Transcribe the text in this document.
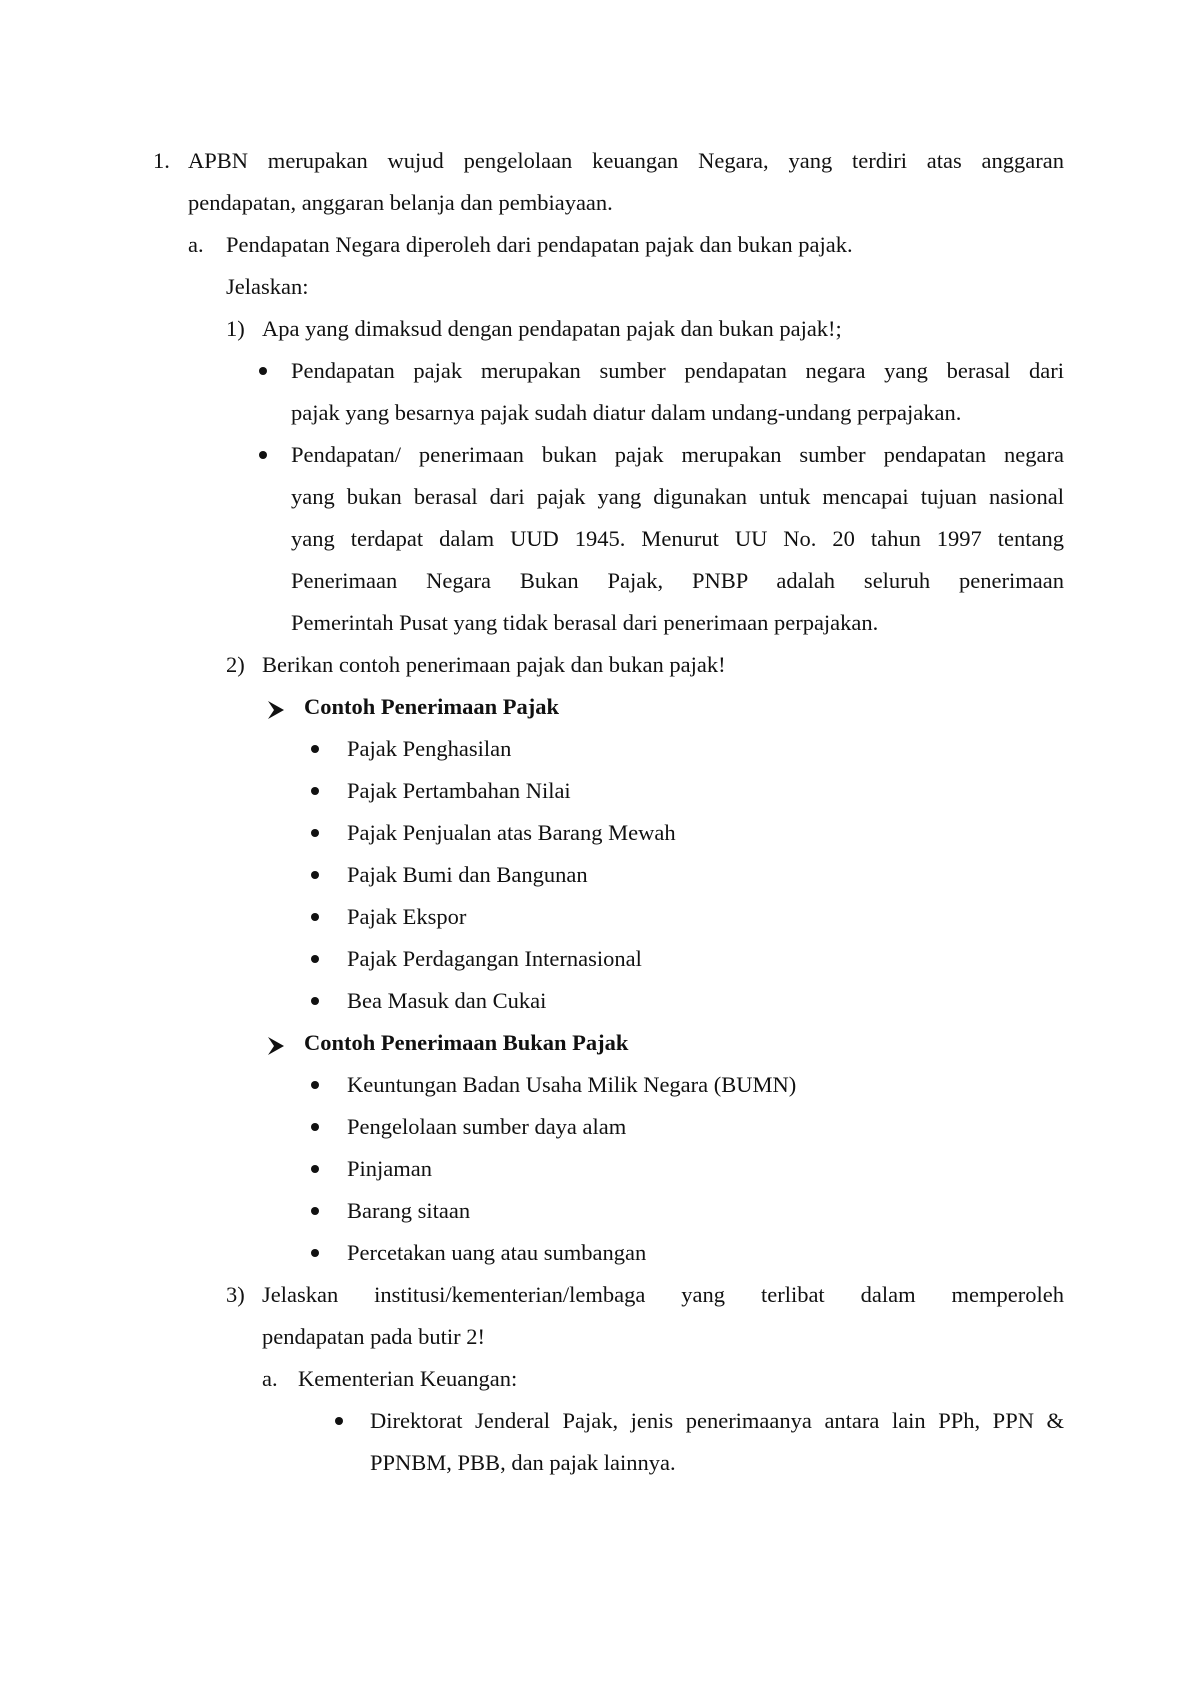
1. APBN merupakan wujud pengelolaan keuangan Negara, yang terdiri atas anggaran
pendapatan, anggaran belanja dan pembiayaan.
a. Pendapatan Negara diperoleh dari pendapatan pajak dan bukan pajak.
Jelaskan:
1) Apa yang dimaksud dengan pendapatan pajak dan bukan pajak!;
Pendapatan pajak merupakan sumber pendapatan negara yang berasal dari
pajak yang besarnya pajak sudah diatur dalam undang-undang perpajakan.
Pendapatan/ penerimaan bukan pajak merupakan sumber pendapatan negara
yang bukan berasal dari pajak yang digunakan untuk mencapai tujuan nasional
yang terdapat dalam UUD 1945. Menurut UU No. 20 tahun 1997 tentang
Penerimaan Negara Bukan Pajak, PNBP adalah seluruh penerimaan
Pemerintah Pusat yang tidak berasal dari penerimaan perpajakan.
2) Berikan contoh penerimaan pajak dan bukan pajak!
Contoh Penerimaan Pajak
Pajak Penghasilan
Pajak Pertambahan Nilai
Pajak Penjualan atas Barang Mewah
Pajak Bumi dan Bangunan
Pajak Ekspor
Pajak Perdagangan Internasional
Bea Masuk dan Cukai
Contoh Penerimaan Bukan Pajak
Keuntungan Badan Usaha Milik Negara (BUMN)
Pengelolaan sumber daya alam
Pinjaman
Barang sitaan
Percetakan uang atau sumbangan
3) Jelaskan institusi/kementerian/lembaga yang terlibat dalam memperoleh
pendapatan pada butir 2!
a. Kementerian Keuangan:
Direktorat Jenderal Pajak, jenis penerimaanya antara lain PPh, PPN &
PPNBM, PBB, dan pajak lainnya.
